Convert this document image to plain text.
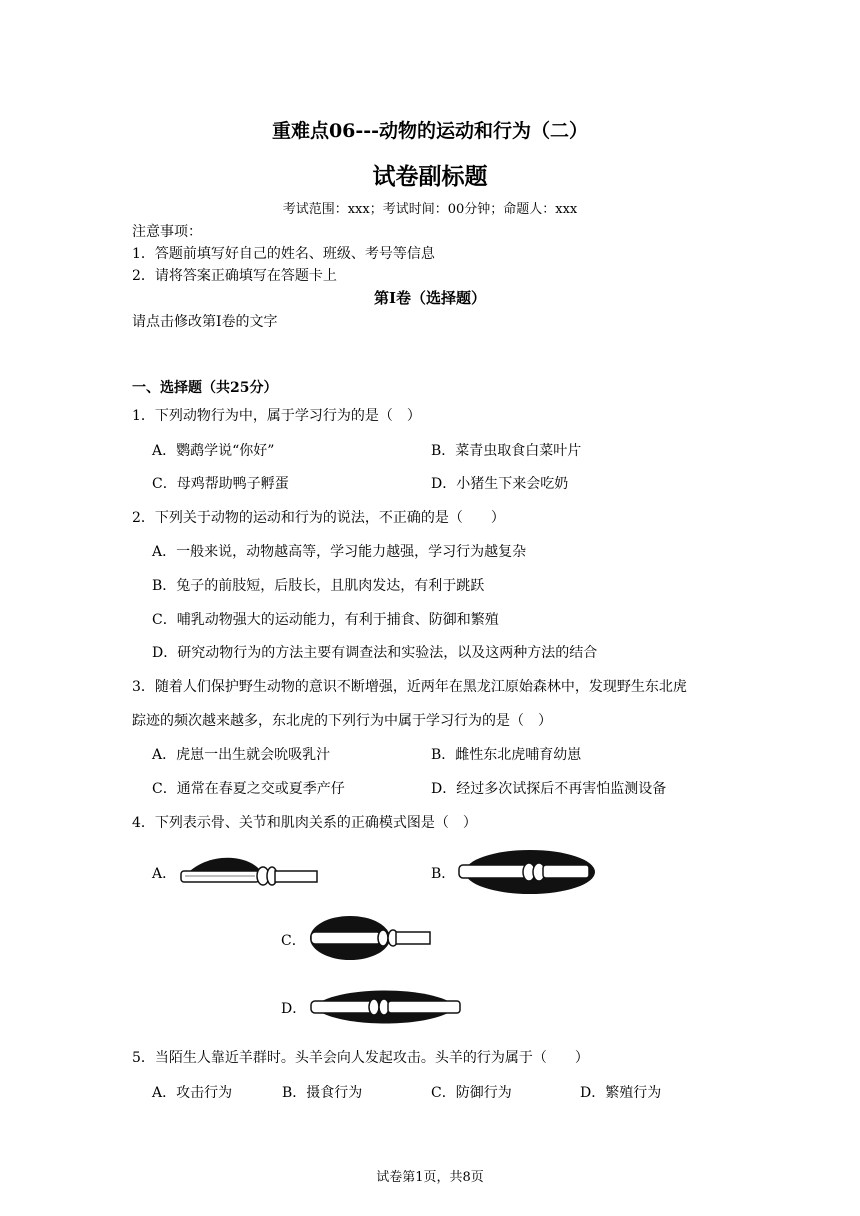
重难点06---动物的运动和行为（二）
试卷副标题
考试范围：xxx；考试时间：00分钟；命题人：xxx
注意事项：
1．答题前填写好自己的姓名、班级、考号等信息
2．请将答案正确填写在答题卡上
第I卷（选择题）
请点击修改第I卷的文字
一、选择题（共25分）
1．下列动物行为中，属于学习行为的是（　）
A．鹦鹉学说“你好”	B．菜青虫取食白菜叶片
C．母鸡帮助鸭子孵蛋	D．小猪生下来会吃奶
2．下列关于动物的运动和行为的说法，不正确的是（　　）
A．一般来说，动物越高等，学习能力越强，学习行为越复杂
B．兔子的前肢短，后肢长，且肌肉发达，有利于跳跃
C．哺乳动物强大的运动能力，有利于捕食、防御和繁殖
D．研究动物行为的方法主要有调查法和实验法，以及这两种方法的结合
3．随着人们保护野生动物的意识不断增强，近两年在黑龙江原始森林中，发现野生东北虎
踪迹的频次越来越多，东北虎的下列行为中属于学习行为的是（　）
A．虎崽一出生就会吮吸乳汁	B．雌性东北虎哺育幼崽
C．通常在春夏之交或夏季产仔	D．经过多次试探后不再害怕监测设备
4．下列表示骨、关节和肌肉关系的正确模式图是（　）
A．	B．
C．
D．
5．当陌生人靠近羊群时。头羊会向人发起攻击。头羊的行为属于（　　）
A．攻击行为	B．摄食行为	C．防御行为	D．繁殖行为
试卷第1页，共8页
